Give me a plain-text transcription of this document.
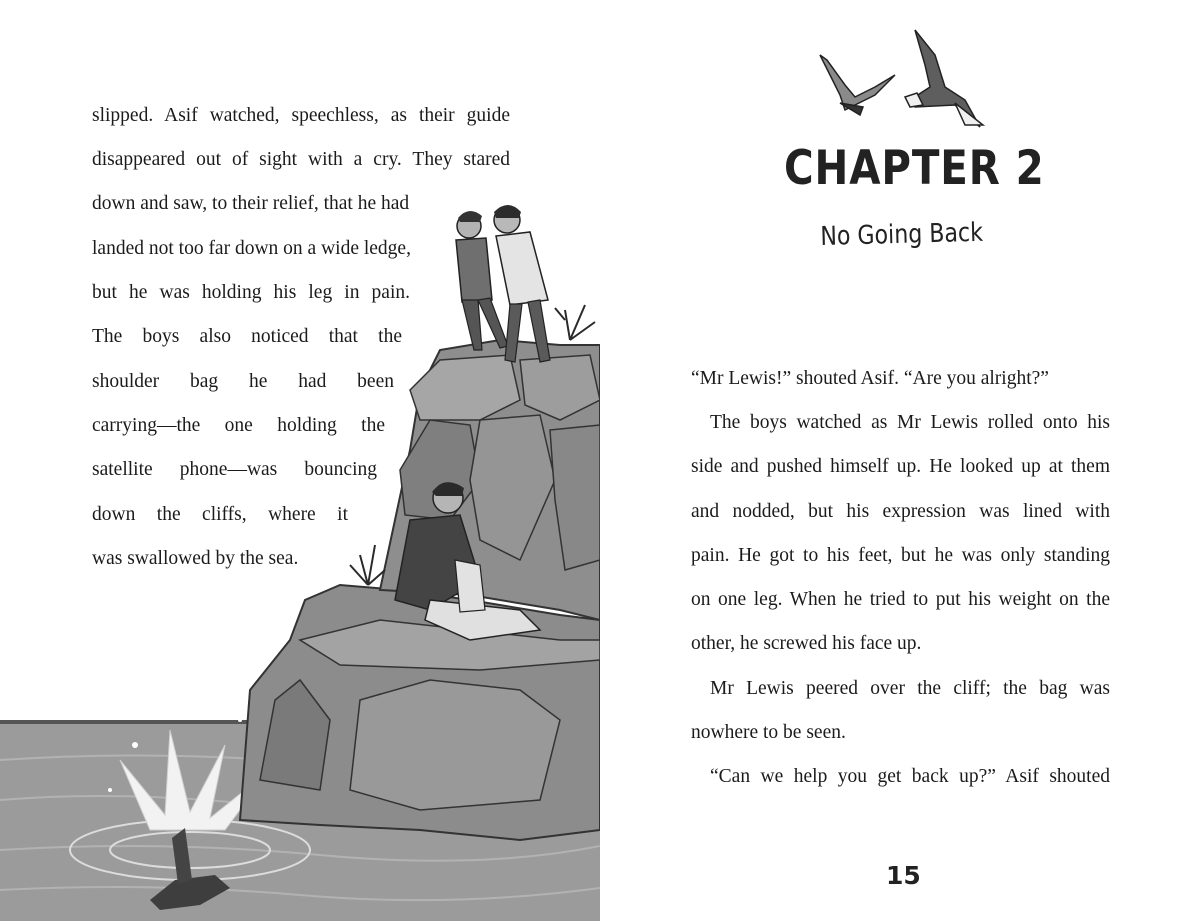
slipped. Asif watched, speechless, as their guide
disappeared out of sight with a cry. They stared
down and saw, to their relief, that he had
landed not too far down on a wide ledge,
but he was holding his leg in pain.
The boys also noticed that the
shoulder bag he had been
carrying—the one holding the
satellite phone—was bouncing
down the cliffs, where it
was swallowed by the sea.
CHAPTER 2
No Going Back
“Mr Lewis!” shouted Asif. “Are you alright?”
The boys watched as Mr Lewis rolled onto his
side and pushed himself up. He looked up at them
and nodded, but his expression was lined with
pain. He got to his feet, but he was only standing
on one leg. When he tried to put his weight on the
other, he screwed his face up.
Mr Lewis peered over the cliff; the bag was
nowhere to be seen.
“Can we help you get back up?” Asif shouted
15
